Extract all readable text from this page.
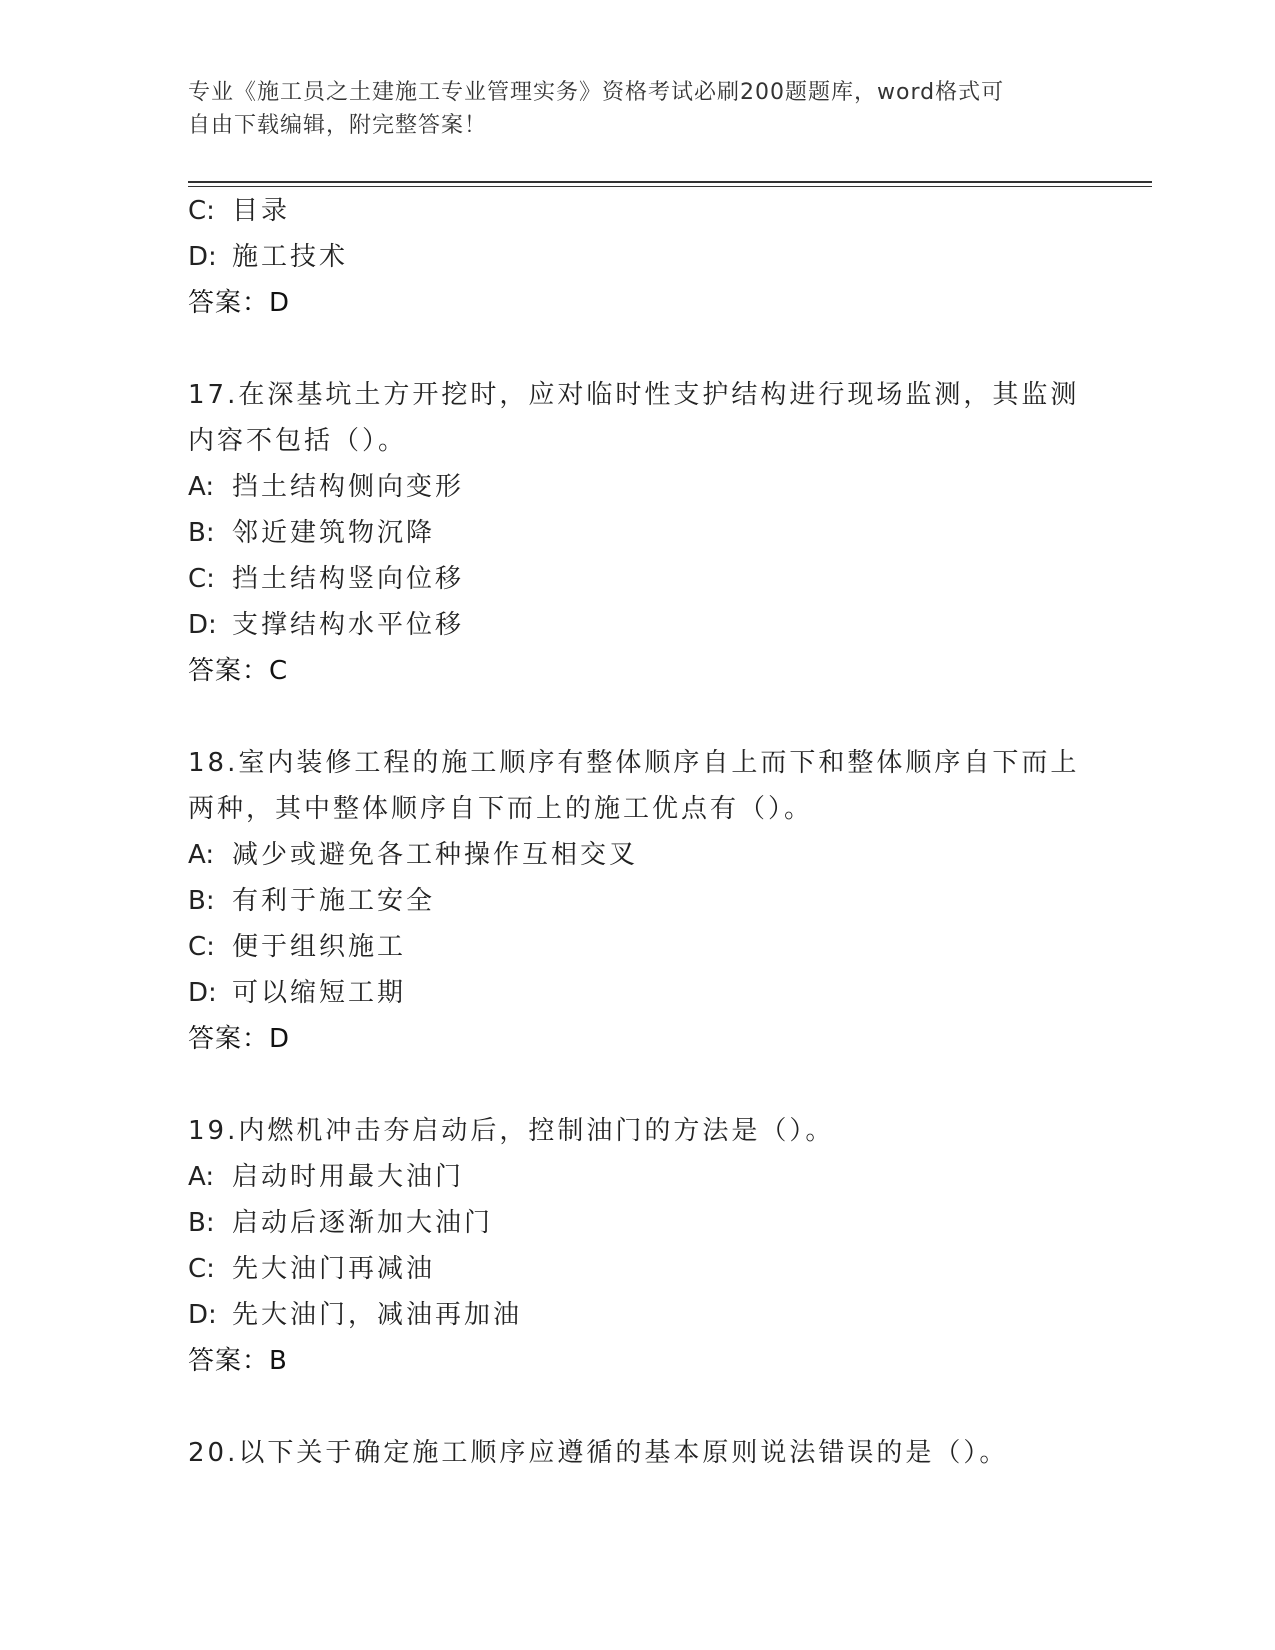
专业《施工员之土建施工专业管理实务》资格考试必刷200题题库，word格式可
自由下载编辑，附完整答案！
C: 目录
D: 施工技术
答案：D
17.在深基坑土方开挖时，应对临时性支护结构进行现场监测，其监测
内容不包括（）。
A: 挡土结构侧向变形
B: 邻近建筑物沉降
C: 挡土结构竖向位移
D: 支撑结构水平位移
答案：C
18.室内装修工程的施工顺序有整体顺序自上而下和整体顺序自下而上
两种，其中整体顺序自下而上的施工优点有（）。
A: 减少或避免各工种操作互相交叉
B: 有利于施工安全
C: 便于组织施工
D: 可以缩短工期
答案：D
19.内燃机冲击夯启动后，控制油门的方法是（）。
A: 启动时用最大油门
B: 启动后逐渐加大油门
C: 先大油门再减油
D: 先大油门，减油再加油
答案：B
20.以下关于确定施工顺序应遵循的基本原则说法错误的是（）。
